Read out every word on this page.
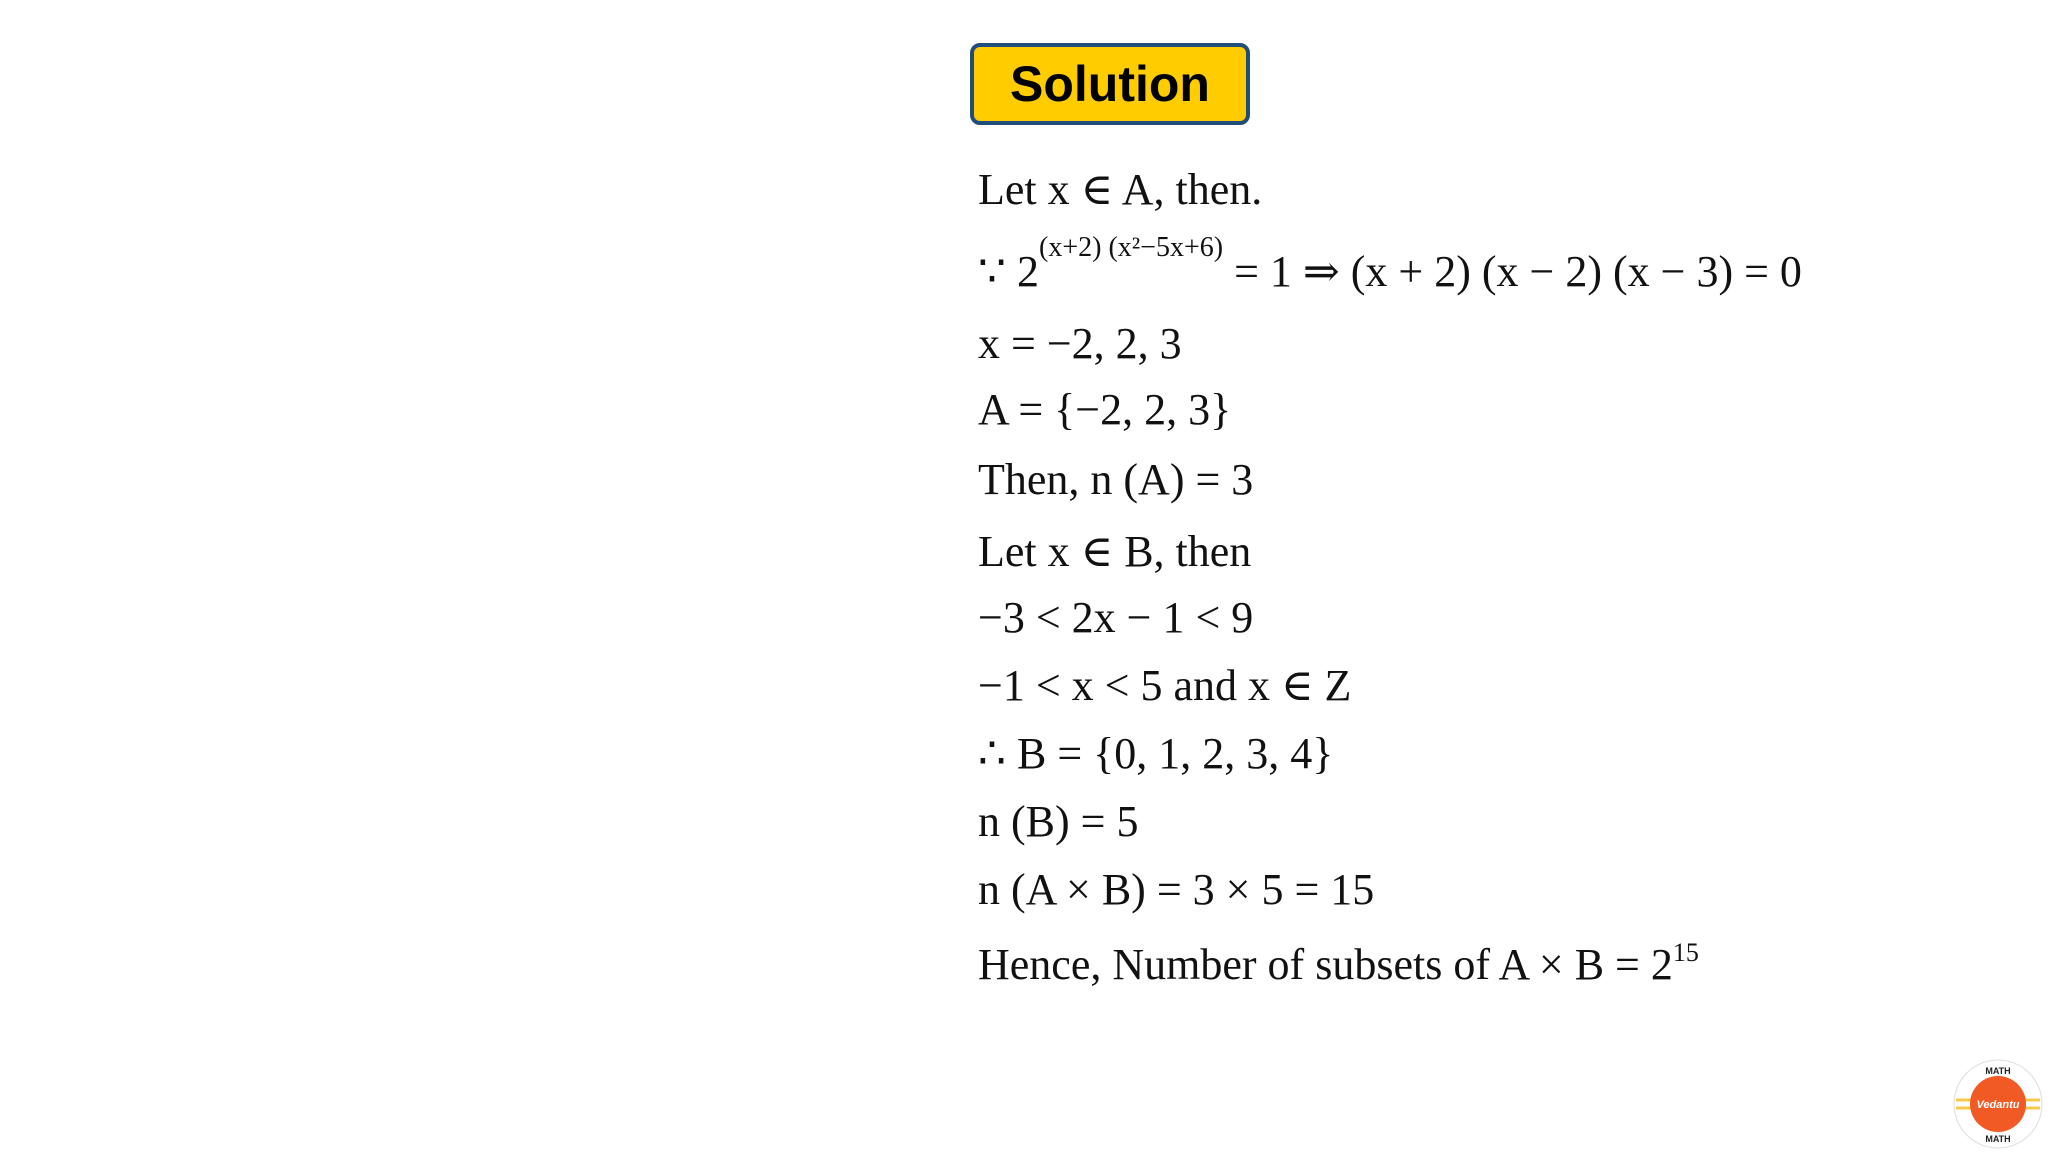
Solution
Let x ∈ A, then.
∵ $2^{(x+2) (x^2-5x+6)} = 1$ ⇒ (x + 2) (x − 2) (x − 3) = 0
x = −2, 2, 3
A = {−2, 2, 3}
Then, n (A) = 3
Let x ∈ B, then
−3 < 2x − 1 < 9
−1 < x < 5 and x ∈ Z
∴ B = {0, 1, 2, 3, 4}
n (B) = 5
n (A × B) = 3 × 5 = 15
Hence, Number of subsets of $A \times B = 2^{15}$
MATH
Vedantu
MATH
